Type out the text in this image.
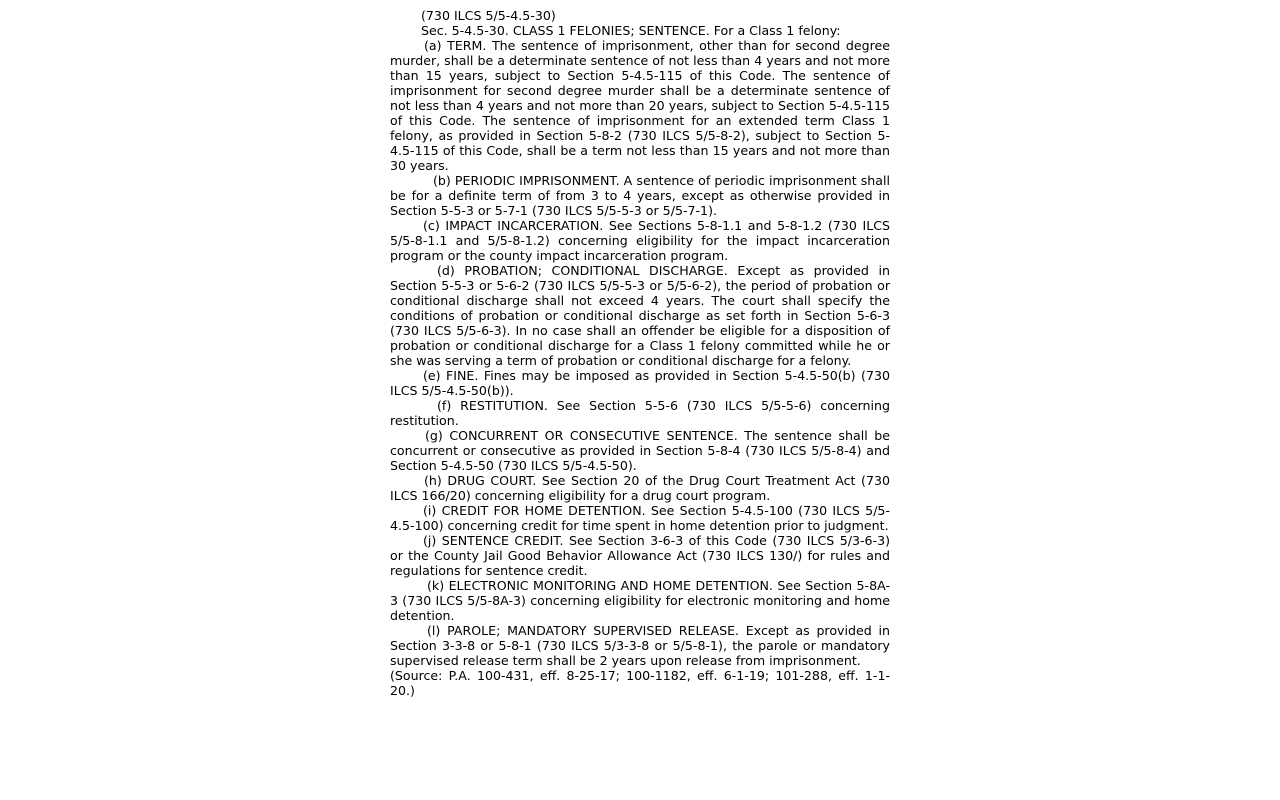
(730 ILCS 5/5-4.5-30)

Sec. 5-4.5-30. CLASS 1 FELONIES; SENTENCE. For a Class 1 felony:

(a) TERM. The sentence of imprisonment, other than for second degree murder, shall be a determinate sentence of not less than 4 years and not more than 15 years, subject to Section 5-4.5-115 of this Code. The sentence of imprisonment for second degree murder shall be a determinate sentence of not less than 4 years and not more than 20 years, subject to Section 5-4.5-115 of this Code. The sentence of imprisonment for an extended term Class 1 felony, as provided in Section 5-8-2 (730 ILCS 5/5-8-2), subject to Section 5-4.5-115 of this Code, shall be a term not less than 15 years and not more than 30 years.

(b) PERIODIC IMPRISONMENT. A sentence of periodic imprisonment shall be for a definite term of from 3 to 4 years, except as otherwise provided in Section 5-5-3 or 5-7-1 (730 ILCS 5/5-5-3 or 5/5-7-1).

(c) IMPACT INCARCERATION. See Sections 5-8-1.1 and 5-8-1.2 (730 ILCS 5/5-8-1.1 and 5/5-8-1.2) concerning eligibility for the impact incarceration program or the county impact incarceration program.

(d) PROBATION; CONDITIONAL DISCHARGE. Except as provided in Section 5-5-3 or 5-6-2 (730 ILCS 5/5-5-3 or 5/5-6-2), the period of probation or conditional discharge shall not exceed 4 years. The court shall specify the conditions of probation or conditional discharge as set forth in Section 5-6-3 (730 ILCS 5/5-6-3). In no case shall an offender be eligible for a disposition of probation or conditional discharge for a Class 1 felony committed while he or she was serving a term of probation or conditional discharge for a felony.

(e) FINE. Fines may be imposed as provided in Section 5-4.5-50(b) (730 ILCS 5/5-4.5-50(b)).

(f) RESTITUTION. See Section 5-5-6 (730 ILCS 5/5-5-6) concerning restitution.

(g) CONCURRENT OR CONSECUTIVE SENTENCE. The sentence shall be concurrent or consecutive as provided in Section 5-8-4 (730 ILCS 5/5-8-4) and Section 5-4.5-50 (730 ILCS 5/5-4.5-50).

(h) DRUG COURT. See Section 20 of the Drug Court Treatment Act (730 ILCS 166/20) concerning eligibility for a drug court program.

(i) CREDIT FOR HOME DETENTION. See Section 5-4.5-100 (730 ILCS 5/5-4.5-100) concerning credit for time spent in home detention prior to judgment.

(j) SENTENCE CREDIT. See Section 3-6-3 of this Code (730 ILCS 5/3-6-3) or the County Jail Good Behavior Allowance Act (730 ILCS 130/) for rules and regulations for sentence credit.

(k) ELECTRONIC MONITORING AND HOME DETENTION. See Section 5-8A-3 (730 ILCS 5/5-8A-3) concerning eligibility for electronic monitoring and home detention.

(l) PAROLE; MANDATORY SUPERVISED RELEASE. Except as provided in Section 3-3-8 or 5-8-1 (730 ILCS 5/3-3-8 or 5/5-8-1), the parole or mandatory supervised release term shall be 2 years upon release from imprisonment.

(Source: P.A. 100-431, eff. 8-25-17; 100-1182, eff. 6-1-19; 101-288, eff. 1-1-20.)
